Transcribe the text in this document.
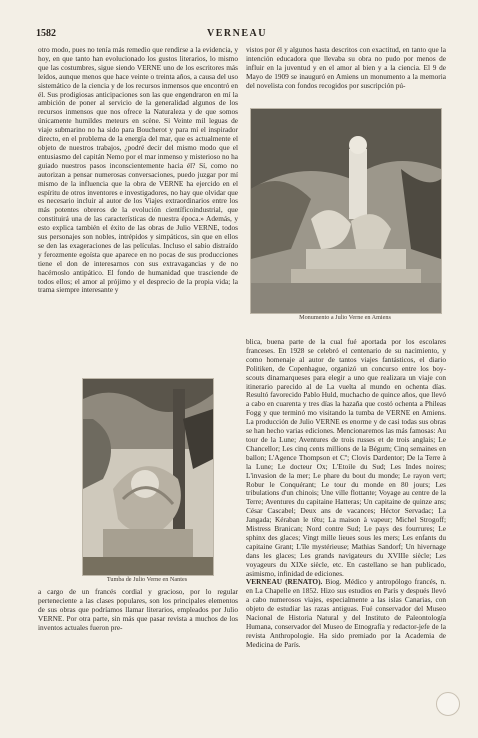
1582	VERNEAU

otro modo, pues no tenía más remedio que rendirse a la evidencia, y hoy, en que tanto han evolucionado los gustos literarios, lo mismo que las costumbres, sigue siendo VERNE uno de los escritores más leídos, aunque menos que hace veinte o treinta años, a causa del uso sistemático de la ciencia y de los recursos inmensos que encontró en él. Sus prodigiosas anticipaciones son las que engendraron en mí la ambición de poner al servicio de la generalidad algunos de los recursos inmensos que nos ofrece la Naturaleza y de que somos únicamente humildes meteurs en scène. Si Veinte mil leguas de viaje submarino no ha sido para Boucherot y para mí el inspirador directo, en el problema de la energía del mar, que es actualmente el objeto de nuestros trabajos, ¿podré decir del mismo modo que el entusiasmo del capitán Nemo por el mar inmenso y misterioso no ha guiado nuestros pasos inconscientemente hacia él? Sí, como no autorizan a pensar numerosas conversaciones, puedo juzgar por mí mismo de la influencia que la obra de VERNE ha ejercido en el espíritu de otros inventores e investigadores, no hay que olvidar que es necesario incluir al autor de los Viajes extraordinarios entre los más potentes obreros de la evolución científicoindustrial, que constituirá una de las características de nuestra época.» Además, y esto explica también el éxito de las obras de Julio VERNE, todos sus personajes son nobles, intrépidos y simpáticos, sin que en ellos se den las exageraciones de las películas. Incluso el sabio distraído y ferozmente egoísta que aparece en no pocas de sus producciones tiene el don de interesarnos con sus extravagancias y de no hacérnoslo antipático. El fondo de humanidad que trasciende de todos ellos; el amor al prójimo y el desprecio de la propia vida; la trama siempre interesante y

Tumba de Julio Verne en Nantes

a cargo de un francés cordial y gracioso, por lo regular perteneciente a las clases populares, son los principales elementos de sus obras que podríamos llamar literarios, empleados por Julio VERNE. Por otra parte, sin más que pasar revista a muchos de los inventos actuales fueron pre-

vistos por él y algunos hasta descritos con exactitud, en tanto que la intención educadora que llevaba su obra no pudo por menos de influir en la juventud y en el amor al bien y a la ciencia. El 9 de Mayo de 1909 se inauguró en Amiens un monumento a la memoria del novelista con fondos recogidos por suscripción pú-

Monumento a Julio Verne en Amiens

blica, buena parte de la cual fué aportada por los escolares franceses. En 1928 se celebró el centenario de su nacimiento, y como homenaje al autor de tantos viajes fantásticos, el diario Politiken, de Copenhague, organizó un concurso entre los boy-scouts dinamarqueses para elegir a uno que realizara un viaje con itinerario parecido al de La vuelta al mundo en ochenta días. Resultó favorecido Pablo Huld, muchacho de quince años, que llevó a cabo en cuarenta y tres días la hazaña que costó ochenta a Phileas Fogg y que terminó mo visitando la tumba de VERNE en Amiens. La producción de Julio VERNE es enorme y de casi todas sus obras se han hecho varias ediciones. Mencionaremos las más famosas: Au tour de la Lune; Aventures de trois russes et de trois anglais; Le Chancellor; Les cinq cents millions de la Bégum; Cinq semaines en ballon; L'Agence Thompson et Cº; Clovis Dardentor; De la Terre à la Lune; Le docteur Ox; L'Etoile du Sud; Les Indes noires; L'invasion de la mer; Le phare du bout du monde; Le rayon vert; Robur le Conquérant; Le tour du monde en 80 jours; Les tribulations d'un chinois; Une ville flottante; Voyage au centre de la Terre; Aventures du capitaine Hatteras; Un capitaine de quinze ans; César Cascabel; Deux ans de vacances; Héctor Servadac; La Jangada; Kéraban le têtu; La maison à vapeur; Michel Strogoff; Mistress Branican; Nord contre Sud; Le pays des fourrures; Le sphinx des glaces; Vingt mille lieues sous les mers; Les enfants du capitaine Grant; L'île mystérieuse; Mathias Sandorf; Un hivernage dans les glaces; Les grands navigateurs du XVIIIe siècle; Les voyageurs du XIXe siècle, etc. En castellano se han publicado, asimismo, infinidad de ediciones.

VERNEAU (RENATO). Biog. Médico y antropólogo francés, n. en La Chapelle en 1852. Hizo sus estudios en París y después llevó a cabo numerosos viajes, especialmente a las islas Canarias, con objeto de estudiar las razas antiguas. Fué conservador del Museo Nacional de Historia Natural y del Instituto de Paleontología Humana, conservador del Museo de Etnografía y redactor-jefe de la revista Anthropologie. Ha sido premiado por la Academia de Medicina de París.
